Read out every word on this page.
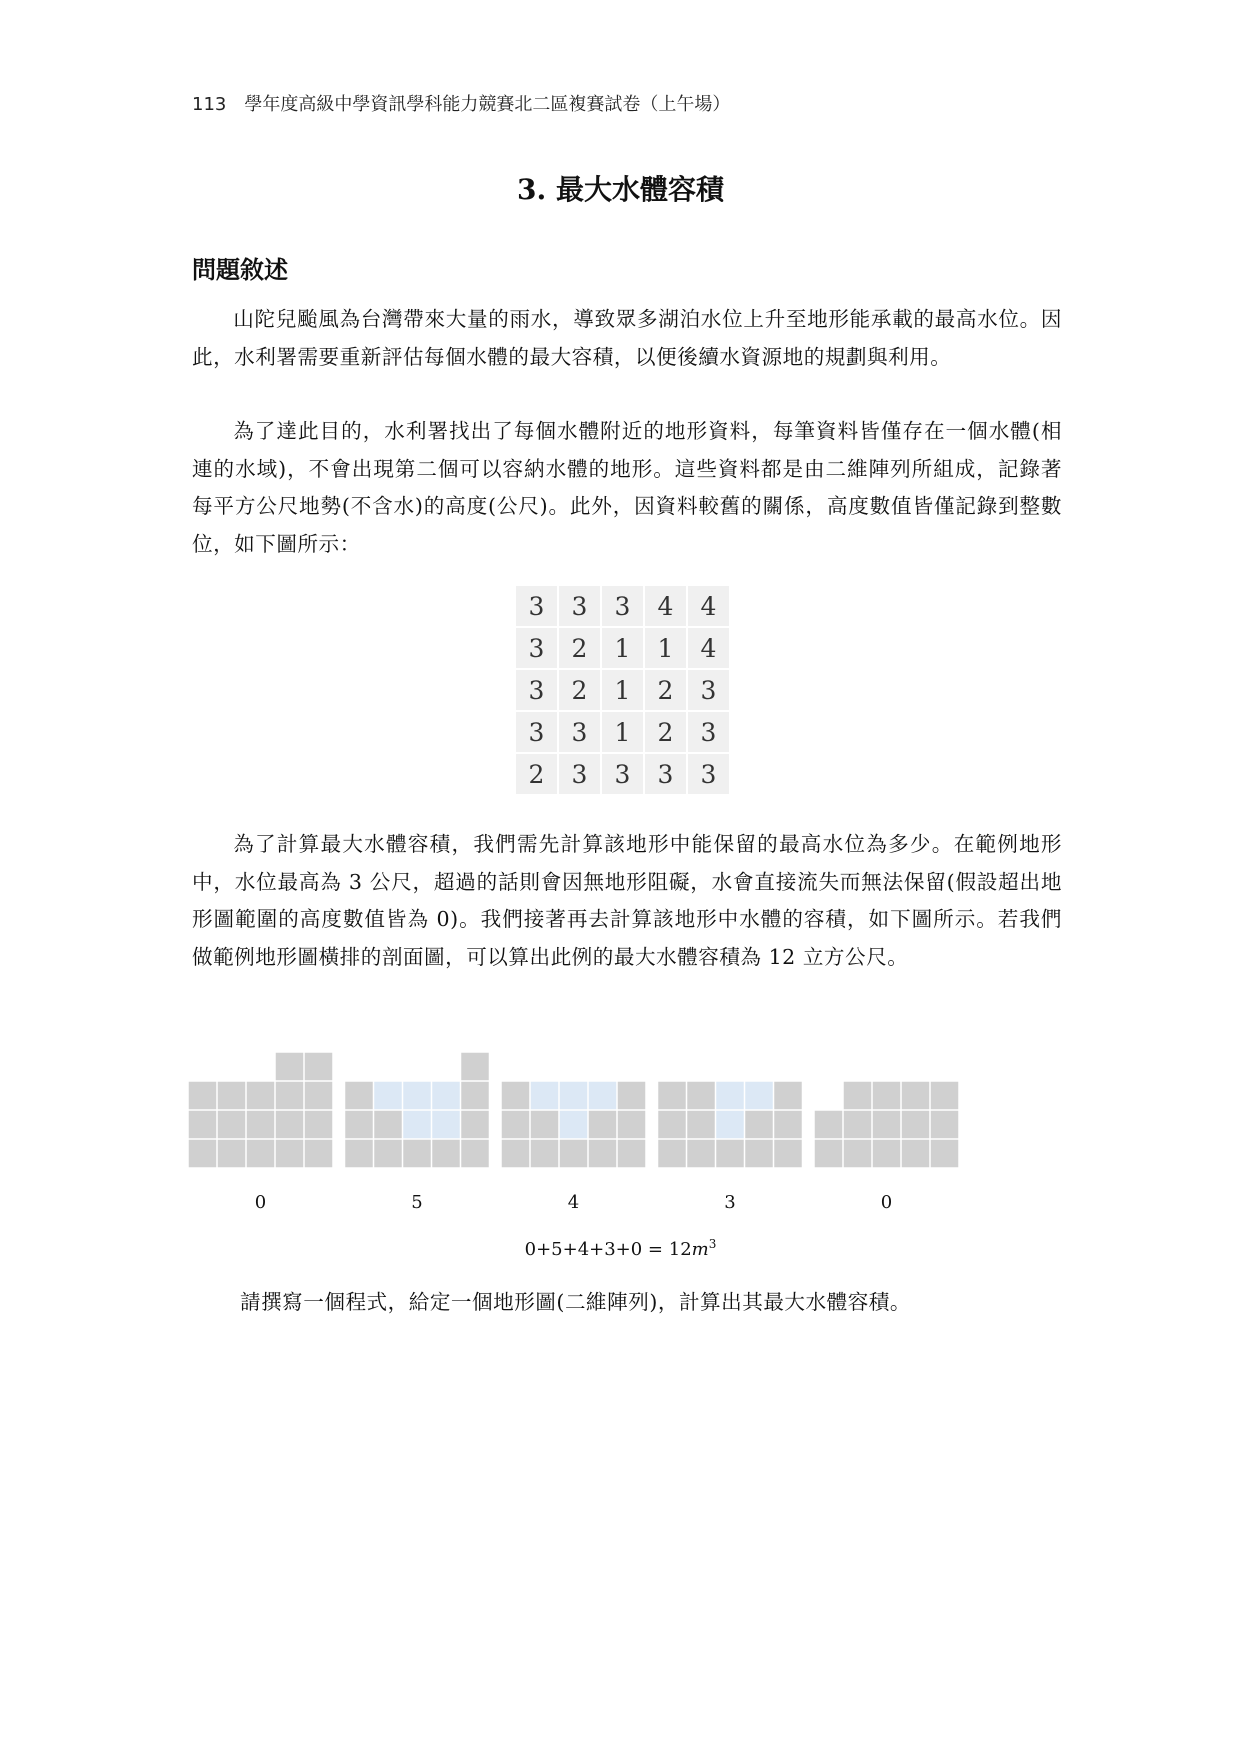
113　學年度高級中學資訊學科能力競賽北二區複賽試卷（上午場）
3. 最大水體容積
問題敘述

山陀兒颱風為台灣帶來大量的雨水，導致眾多湖泊水位上升至地形能承載的最高水位。因此，水利署需要重新評估每個水體的最大容積，以便後續水資源地的規劃與利用。

為了達此目的，水利署找出了每個水體附近的地形資料，每筆資料皆僅存在一個水體(相連的水域)，不會出現第二個可以容納水體的地形。這些資料都是由二維陣列所組成，記錄著每平方公尺地勢(不含水)的高度(公尺)。此外，因資料較舊的關係，高度數值皆僅記錄到整數位，如下圖所示：

3	3	3	4	4
3	2	1	1	4
3	2	1	2	3
3	3	1	2	3
2	3	3	3	3

為了計算最大水體容積，我們需先計算該地形中能保留的最高水位為多少。在範例地形中，水位最高為 3 公尺，超過的話則會因無地形阻礙，水會直接流失而無法保留(假設超出地形圖範圍的高度數值皆為 0)。我們接著再去計算該地形中水體的容積，如下圖所示。若我們做範例地形圖橫排的剖面圖，可以算出此例的最大水體容積為 12 立方公尺。

0	5	4	3	0
$0+5+4+3+0 = 12m^3$
請撰寫一個程式，給定一個地形圖(二維陣列)，計算出其最大水體容積。
